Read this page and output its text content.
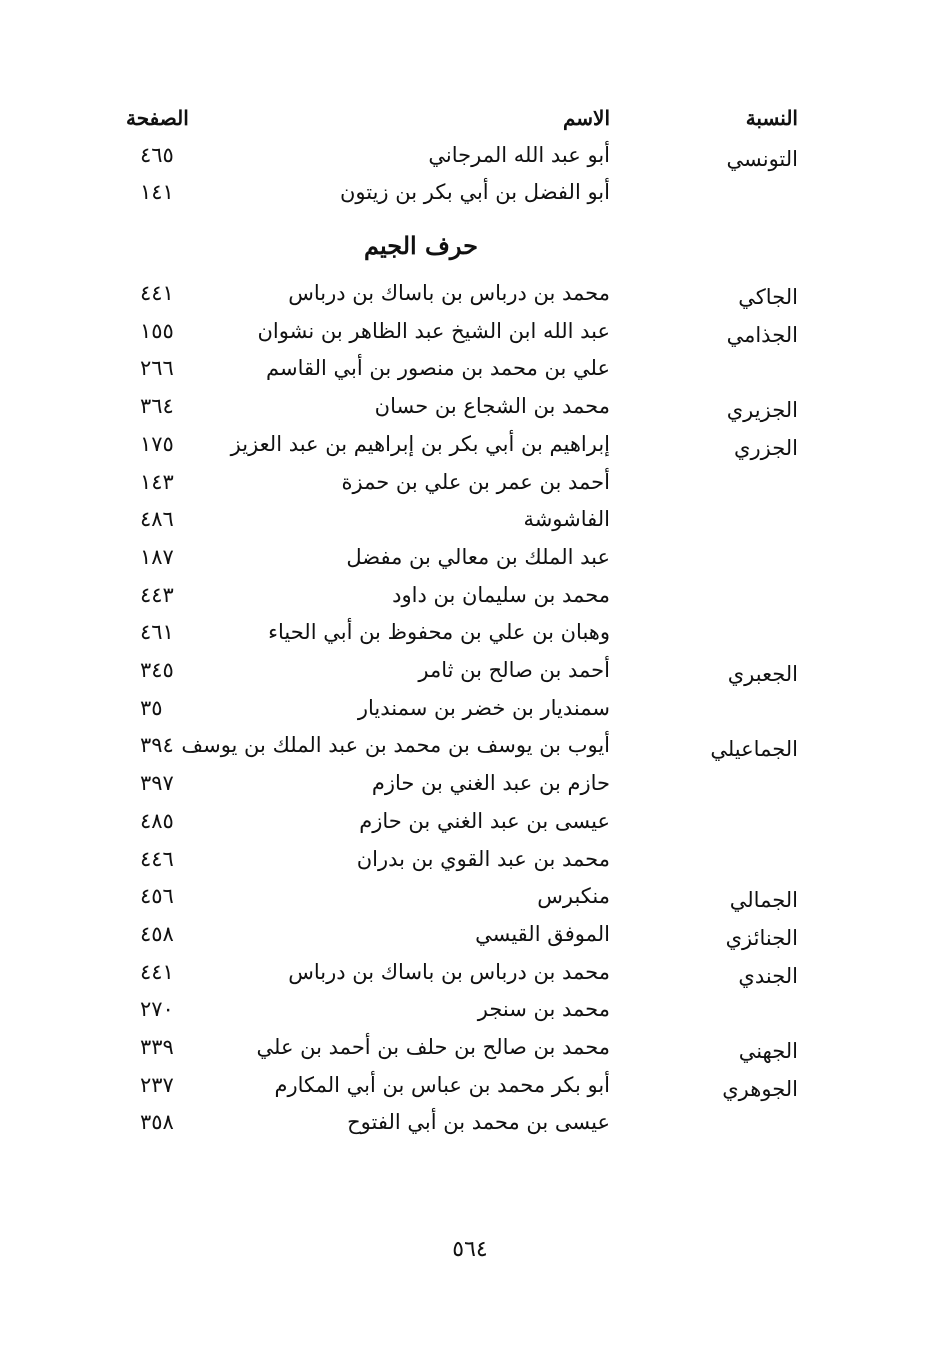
النسبة
الاسم
الصفحة
التونسي
أبو عبد الله المرجاني
٤٦٥
أبو الفضل بن أبي بكر بن زيتون
١٤١
حرف الجيم
الجاكي
محمد بن درباس بن باساك بن درباس
٤٤١
الجذامي
عبد الله ابن الشيخ عبد الظاهر بن نشوان
١٥٥
علي بن محمد بن منصور بن أبي القاسم
٢٦٦
الجزيري
محمد بن الشجاع بن حسان
٣٦٤
الجزري
إبراهيم بن أبي بكر بن إبراهيم بن عبد العزيز
١٧٥
أحمد بن عمر بن علي بن حمزة
١٤٣
الفاشوشة
٤٨٦
عبد الملك بن معالي بن مفضل
١٨٧
محمد بن سليمان بن داود
٤٤٣
وهبان بن علي بن محفوظ بن أبي الحياء
٤٦١
الجعبري
أحمد بن صالح بن ثامر
٣٤٥
سمنديار بن خضر بن سمنديار
٣٥
الجماعيلي
أيوب بن يوسف بن محمد بن عبد الملك بن يوسف
٣٩٤
حازم بن عبد الغني بن حازم
٣٩٧
عيسى بن عبد الغني بن حازم
٤٨٥
محمد بن عبد القوي بن بدران
٤٤٦
الجمالي
منكبرس
٤٥٦
الجنائزي
الموفق القيسي
٤٥٨
الجندي
محمد بن درباس بن باساك بن درباس
٤٤١
محمد بن سنجر
٢٧٠
الجهني
محمد بن صالح بن حلف بن أحمد بن علي
٣٣٩
الجوهري
أبو بكر محمد بن عباس بن أبي المكارم
٢٣٧
عيسى بن محمد بن أبي الفتوح
٣٥٨
٥٦٤
